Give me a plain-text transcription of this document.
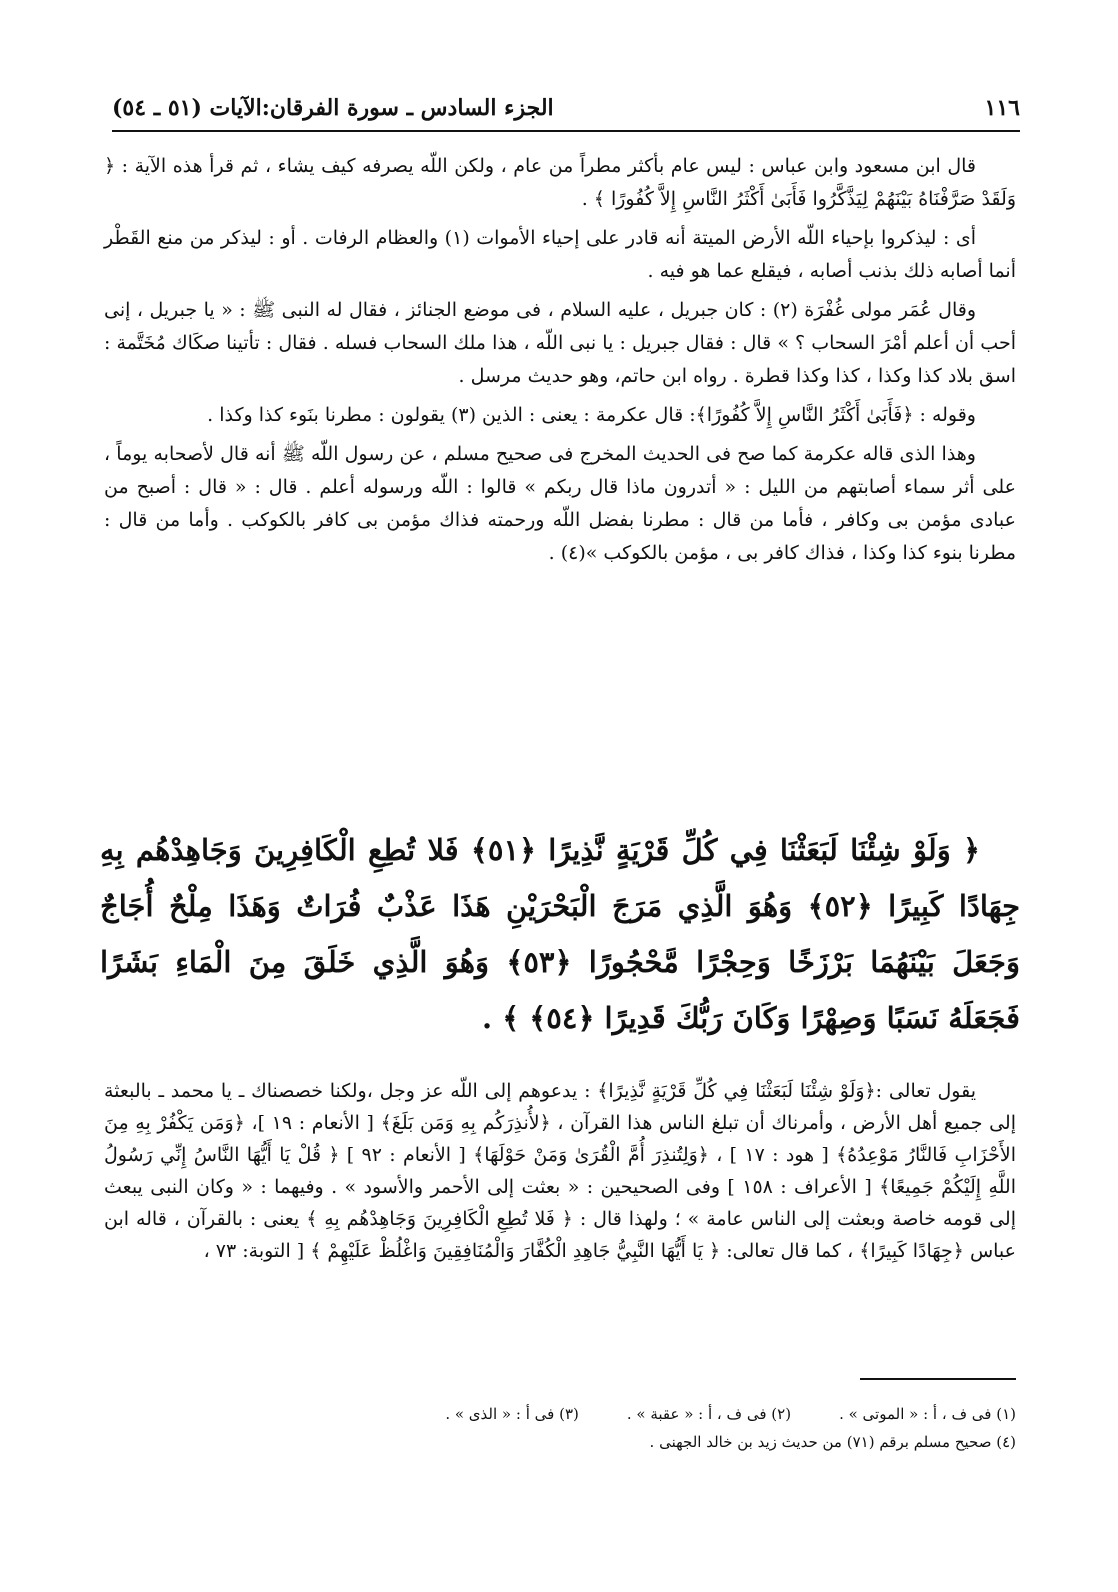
١١٦
الجزء السادس ـ سورة الفرقان:الآيات (٥١ ـ ٥٤)

قال ابن مسعود وابن عباس : ليس عام بأكثر مطراً من عام ، ولكن اللّه يصرفه كيف يشاء ، ثم قرأ هذه الآية : ﴿ وَلَقَدْ صَرَّفْنَاهُ بَيْنَهُمْ لِيَذَّكَّرُوا فَأَبَىٰ أَكْثَرُ النَّاسِ إِلاَّ كُفُورًا ﴾ .

أى : ليذكروا بإحياء اللّه الأرض الميتة أنه قادر على إحياء الأموات (١) والعظام الرفات . أو : ليذكر من منع القَطْر أنما أصابه ذلك بذنب أصابه ، فيقلع عما هو فيه .

وقال عُمَر مولى غُفْرَة (٢) : كان جبريل ، عليه السلام ، فى موضع الجنائز ، فقال له النبى ﷺ : « يا جبريل ، إنى أحب أن أعلم أمْرَ السحاب ؟ » قال : فقال جبريل : يا نبى اللّه ، هذا ملك السحاب فسله . فقال : تأتينا صكَاك مُخَتَّمة : اسق بلاد كذا وكذا ، كذا وكذا قطرة . رواه ابن حاتم، وهو حديث مرسل .

وقوله : ﴿فَأَبَىٰ أَكْثَرُ النَّاسِ إِلاَّ كُفُورًا﴾: قال عكرمة : يعنى : الذين (٣) يقولون : مطرنا بنَوء كذا وكذا .

وهذا الذى قاله عكرمة كما صح فى الحديث المخرج فى صحيح مسلم ، عن رسول اللّه ﷺ أنه قال لأصحابه يوماً ، على أثر سماء أصابتهم من الليل : « أتدرون ماذا قال ربكم » قالوا : اللّه ورسوله أعلم . قال : « قال : أصبح من عبادى مؤمن بى وكافر ، فأما من قال : مطرنا بفضل اللّه ورحمته فذاك مؤمن بى كافر بالكوكب . وأما من قال : مطرنا بنوء كذا وكذا ، فذاك كافر بى ، مؤمن بالكوكب »(٤) .

﴿ وَلَوْ شِئْنَا لَبَعَثْنَا فِي كُلِّ قَرْيَةٍ نَّذِيرًا ﴿٥١﴾ فَلا تُطِعِ الْكَافِرِينَ وَجَاهِدْهُم بِهِ جِهَادًا كَبِيرًا ﴿٥٢﴾ وَهُوَ الَّذِي مَرَجَ الْبَحْرَيْنِ هَذَا عَذْبٌ فُرَاتٌ وَهَذَا مِلْحٌ أُجَاجٌ وَجَعَلَ بَيْنَهُمَا بَرْزَخًا وَحِجْرًا مَّحْجُورًا ﴿٥٣﴾ وَهُوَ الَّذِي خَلَقَ مِنَ الْمَاءِ بَشَرًا فَجَعَلَهُ نَسَبًا وَصِهْرًا وَكَانَ رَبُّكَ قَدِيرًا ﴿٥٤﴾ ﴾ .

يقول تعالى :﴿وَلَوْ شِئْنَا لَبَعَثْنَا فِي كُلِّ قَرْيَةٍ نَّذِيرًا﴾ : يدعوهم إلى اللّه عز وجل ،ولكنا خصصناك ـ يا محمد ـ بالبعثة إلى جميع أهل الأرض ، وأمرناك أن تبلغ الناس هذا القرآن ، ﴿لأُنذِرَكُم بِهِ وَمَن بَلَغَ﴾ [ الأنعام : ١٩ ]، ﴿وَمَن يَكْفُرْ بِهِ مِنَ الأَحْزَابِ فَالنَّارُ مَوْعِدُهُ﴾ [ هود : ١٧ ] ، ﴿وَلِتُنذِرَ أُمَّ الْقُرَىٰ وَمَنْ حَوْلَهَا﴾ [ الأنعام : ٩٢ ] ﴿ قُلْ يَا أَيُّهَا النَّاسُ إِنِّي رَسُولُ اللَّهِ إِلَيْكُمْ جَمِيعًا﴾ [ الأعراف : ١٥٨ ] وفى الصحيحين : « بعثت إلى الأحمر والأسود » . وفيهما : « وكان النبى يبعث إلى قومه خاصة وبعثت إلى الناس عامة » ؛ ولهذا قال : ﴿ فَلا تُطِعِ الْكَافِرِينَ وَجَاهِدْهُم بِهِ ﴾ يعنى : بالقرآن ، قاله ابن عباس ﴿جِهَادًا كَبِيرًا﴾ ، كما قال تعالى: ﴿ يَا أَيُّهَا النَّبِيُّ جَاهِدِ الْكُفَّارَ وَالْمُنَافِقِينَ وَاغْلُظْ عَلَيْهِمْ ﴾ [ التوبة: ٧٣ ،

(١) فى ف ، أ : « الموتى » .
(٢) فى ف ، أ : « عقبة » .
(٣) فى أ : « الذى » .
(٤) صحيح مسلم برقم (٧١) من حديث زيد بن خالد الجهنى .
